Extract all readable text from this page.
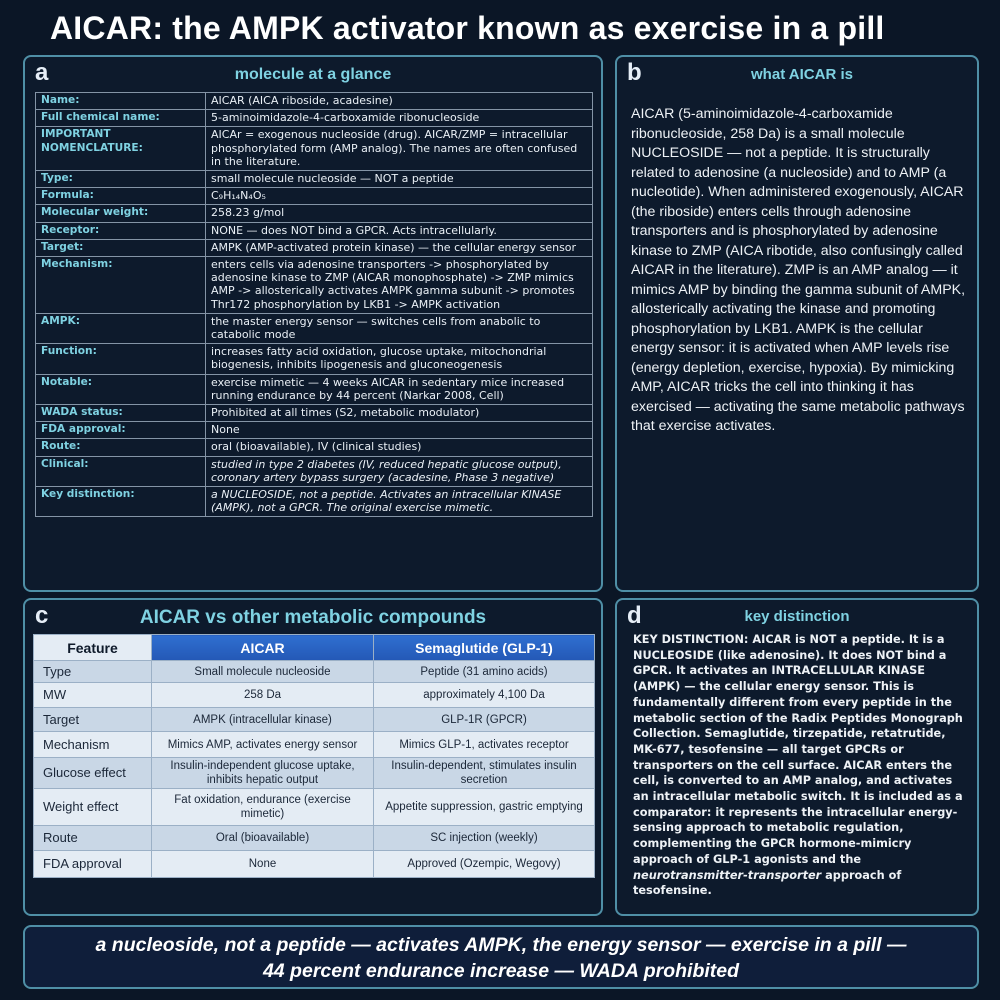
AICAR: the AMPK activator known as exercise in a pill
a	molecule at a glance
Name:	AICAR (AICA riboside, acadesine)
Full chemical name:	5-aminoimidazole-4-carboxamide ribonucleoside
IMPORTANT NOMENCLATURE:	AICAr = exogenous nucleoside (drug). AICAR/ZMP = intracellular phosphorylated form (AMP analog). The names are often confused in the literature.
Type:	small molecule nucleoside — NOT a peptide
Formula:	C₉H₁₄N₄O₅
Molecular weight:	258.23 g/mol
Receptor:	NONE — does NOT bind a GPCR. Acts intracellularly.
Target:	AMPK (AMP-activated protein kinase) — the cellular energy sensor
Mechanism:	enters cells via adenosine transporters -> phosphorylated by adenosine kinase to ZMP (AICAR monophosphate) -> ZMP mimics AMP -> allosterically activates AMPK gamma subunit -> promotes Thr172 phosphorylation by LKB1 -> AMPK activation
AMPK:	the master energy sensor — switches cells from anabolic to catabolic mode
Function:	increases fatty acid oxidation, glucose uptake, mitochondrial biogenesis, inhibits lipogenesis and gluconeogenesis
Notable:	exercise mimetic — 4 weeks AICAR in sedentary mice increased running endurance by 44 percent (Narkar 2008, Cell)
WADA status:	Prohibited at all times (S2, metabolic modulator)
FDA approval:	None
Route:	oral (bioavailable), IV (clinical studies)
Clinical:	studied in type 2 diabetes (IV, reduced hepatic glucose output), coronary artery bypass surgery (acadesine, Phase 3 negative)
Key distinction:	a NUCLEOSIDE, not a peptide. Activates an intracellular KINASE (AMPK), not a GPCR. The original exercise mimetic.
b	what AICAR is
AICAR (5-aminoimidazole-4-carboxamide ribonucleoside, 258 Da) is a small molecule NUCLEOSIDE — not a peptide. It is structurally related to adenosine (a nucleoside) and to AMP (a nucleotide). When administered exogenously, AICAR (the riboside) enters cells through adenosine transporters and is phosphorylated by adenosine kinase to ZMP (AICA ribotide, also confusingly called AICAR in the literature). ZMP is an AMP analog — it mimics AMP by binding the gamma subunit of AMPK, allosterically activating the kinase and promoting phosphorylation by LKB1. AMPK is the cellular energy sensor: it is activated when AMP levels rise (energy depletion, exercise, hypoxia). By mimicking AMP, AICAR tricks the cell into thinking it has exercised — activating the same metabolic pathways that exercise activates.
c	AICAR vs other metabolic compounds
Feature	AICAR	Semaglutide (GLP-1)
Type	Small molecule nucleoside	Peptide (31 amino acids)
MW	258 Da	approximately 4,100 Da
Target	AMPK (intracellular kinase)	GLP-1R (GPCR)
Mechanism	Mimics AMP, activates energy sensor	Mimics GLP-1, activates receptor
Glucose effect	Insulin-independent glucose uptake, inhibits hepatic output	Insulin-dependent, stimulates insulin secretion
Weight effect	Fat oxidation, endurance (exercise mimetic)	Appetite suppression, gastric emptying
Route	Oral (bioavailable)	SC injection (weekly)
FDA approval	None	Approved (Ozempic, Wegovy)
d	key distinction
KEY DISTINCTION: AICAR is NOT a peptide. It is a NUCLEOSIDE (like adenosine). It does NOT bind a GPCR. It activates an INTRACELLULAR KINASE (AMPK) — the cellular energy sensor. This is fundamentally different from every peptide in the metabolic section of the Radix Peptides Monograph Collection. Semaglutide, tirzepatide, retatrutide, MK-677, tesofensine — all target GPCRs or transporters on the cell surface. AICAR enters the cell, is converted to an AMP analog, and activates an intracellular metabolic switch. It is included as a comparator: it represents the intracellular energy-sensing approach to metabolic regulation, complementing the GPCR hormone-mimicry approach of GLP-1 agonists and the neurotransmitter-transporter approach of tesofensine.
a nucleoside, not a peptide — activates AMPK, the energy sensor — exercise in a pill —
44 percent endurance increase — WADA prohibited
